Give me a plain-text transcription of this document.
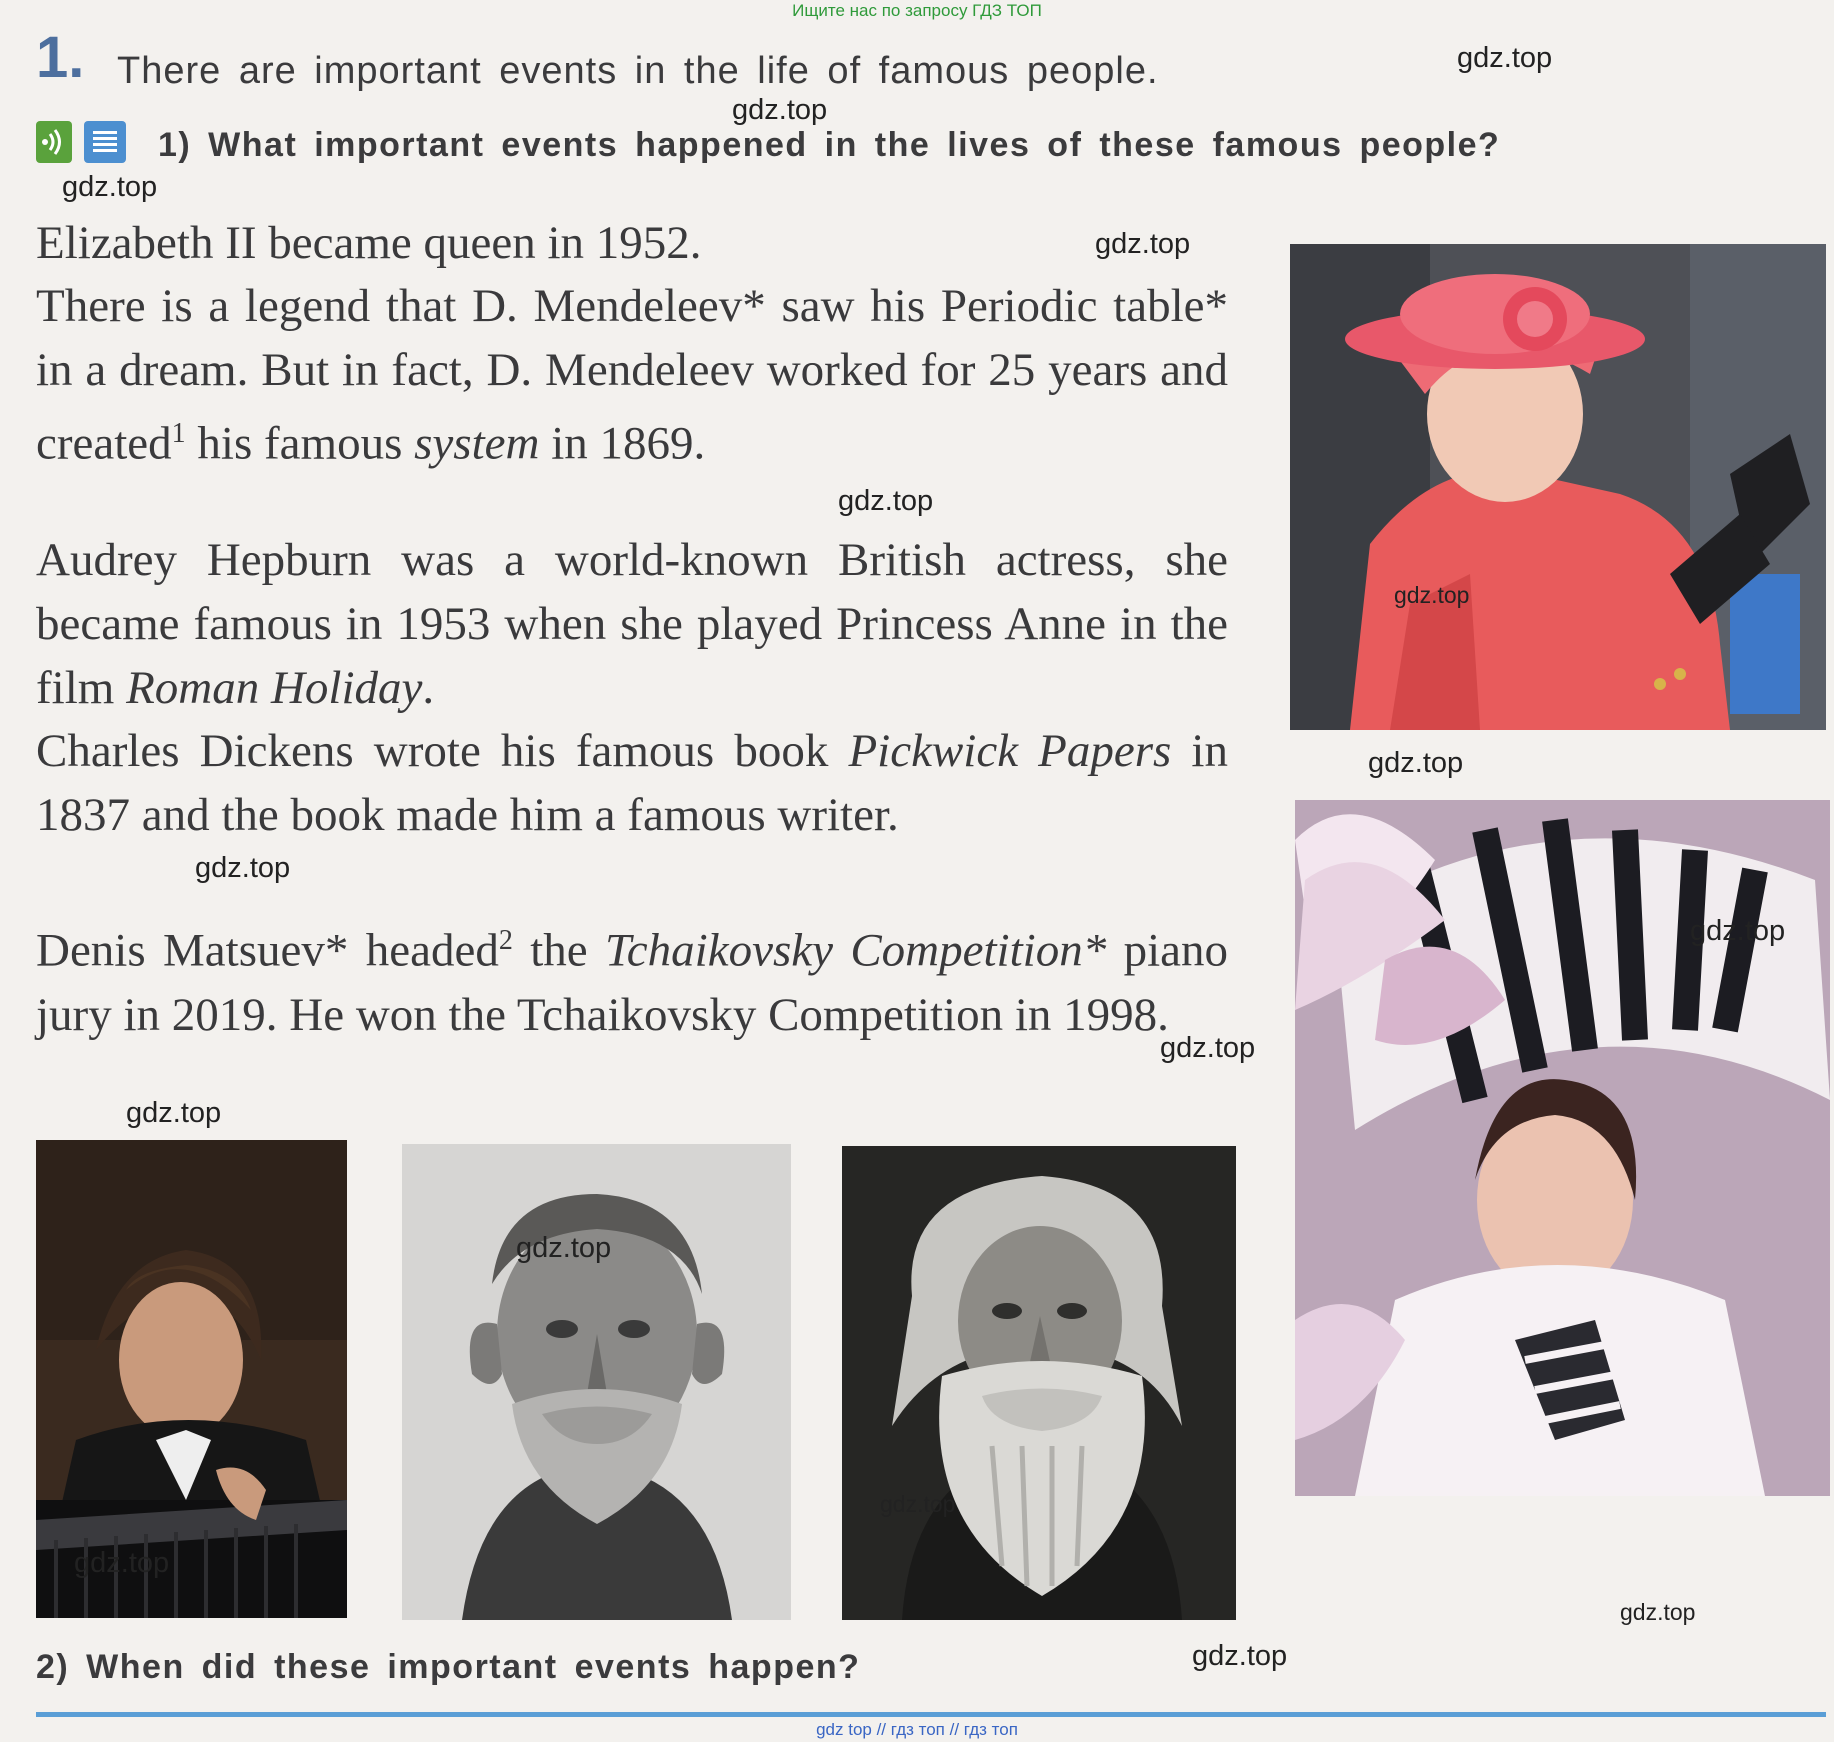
Ищите нас по запросу ГДЗ ТОП
1. There are important events in the life of famous people.
1) What important events happened in the lives of these famous people?
Elizabeth II became queen in 1952.
There is a legend that D. Mendeleev* saw his Periodic table* in a dream. But in fact, D. Mendeleev worked for 25 years and created$^1$ his famous system in 1869.
Audrey Hepburn was a world-known British actress, she became famous in 1953 when she played Princess Anne in the film Roman Holiday.
Charles Dickens wrote his famous book Pickwick Papers in 1837 and the book made him a famous writer.
Denis Matsuev* headed$^2$ the Tchaikovsky Competition* piano jury in 2019. He won the Tchaikovsky Competition in 1998.
2) When did these important events happen?
gdz.top
gdz.top
gdz.top
gdz.top
gdz.top
gdz.top
gdz.top
gdz.top
gdz.top
gdz.top
gdz.top
gdz.top
gdz.top
gdz.top
gdz.top
gdz.top
gdz top // гдз топ // гдз топ
